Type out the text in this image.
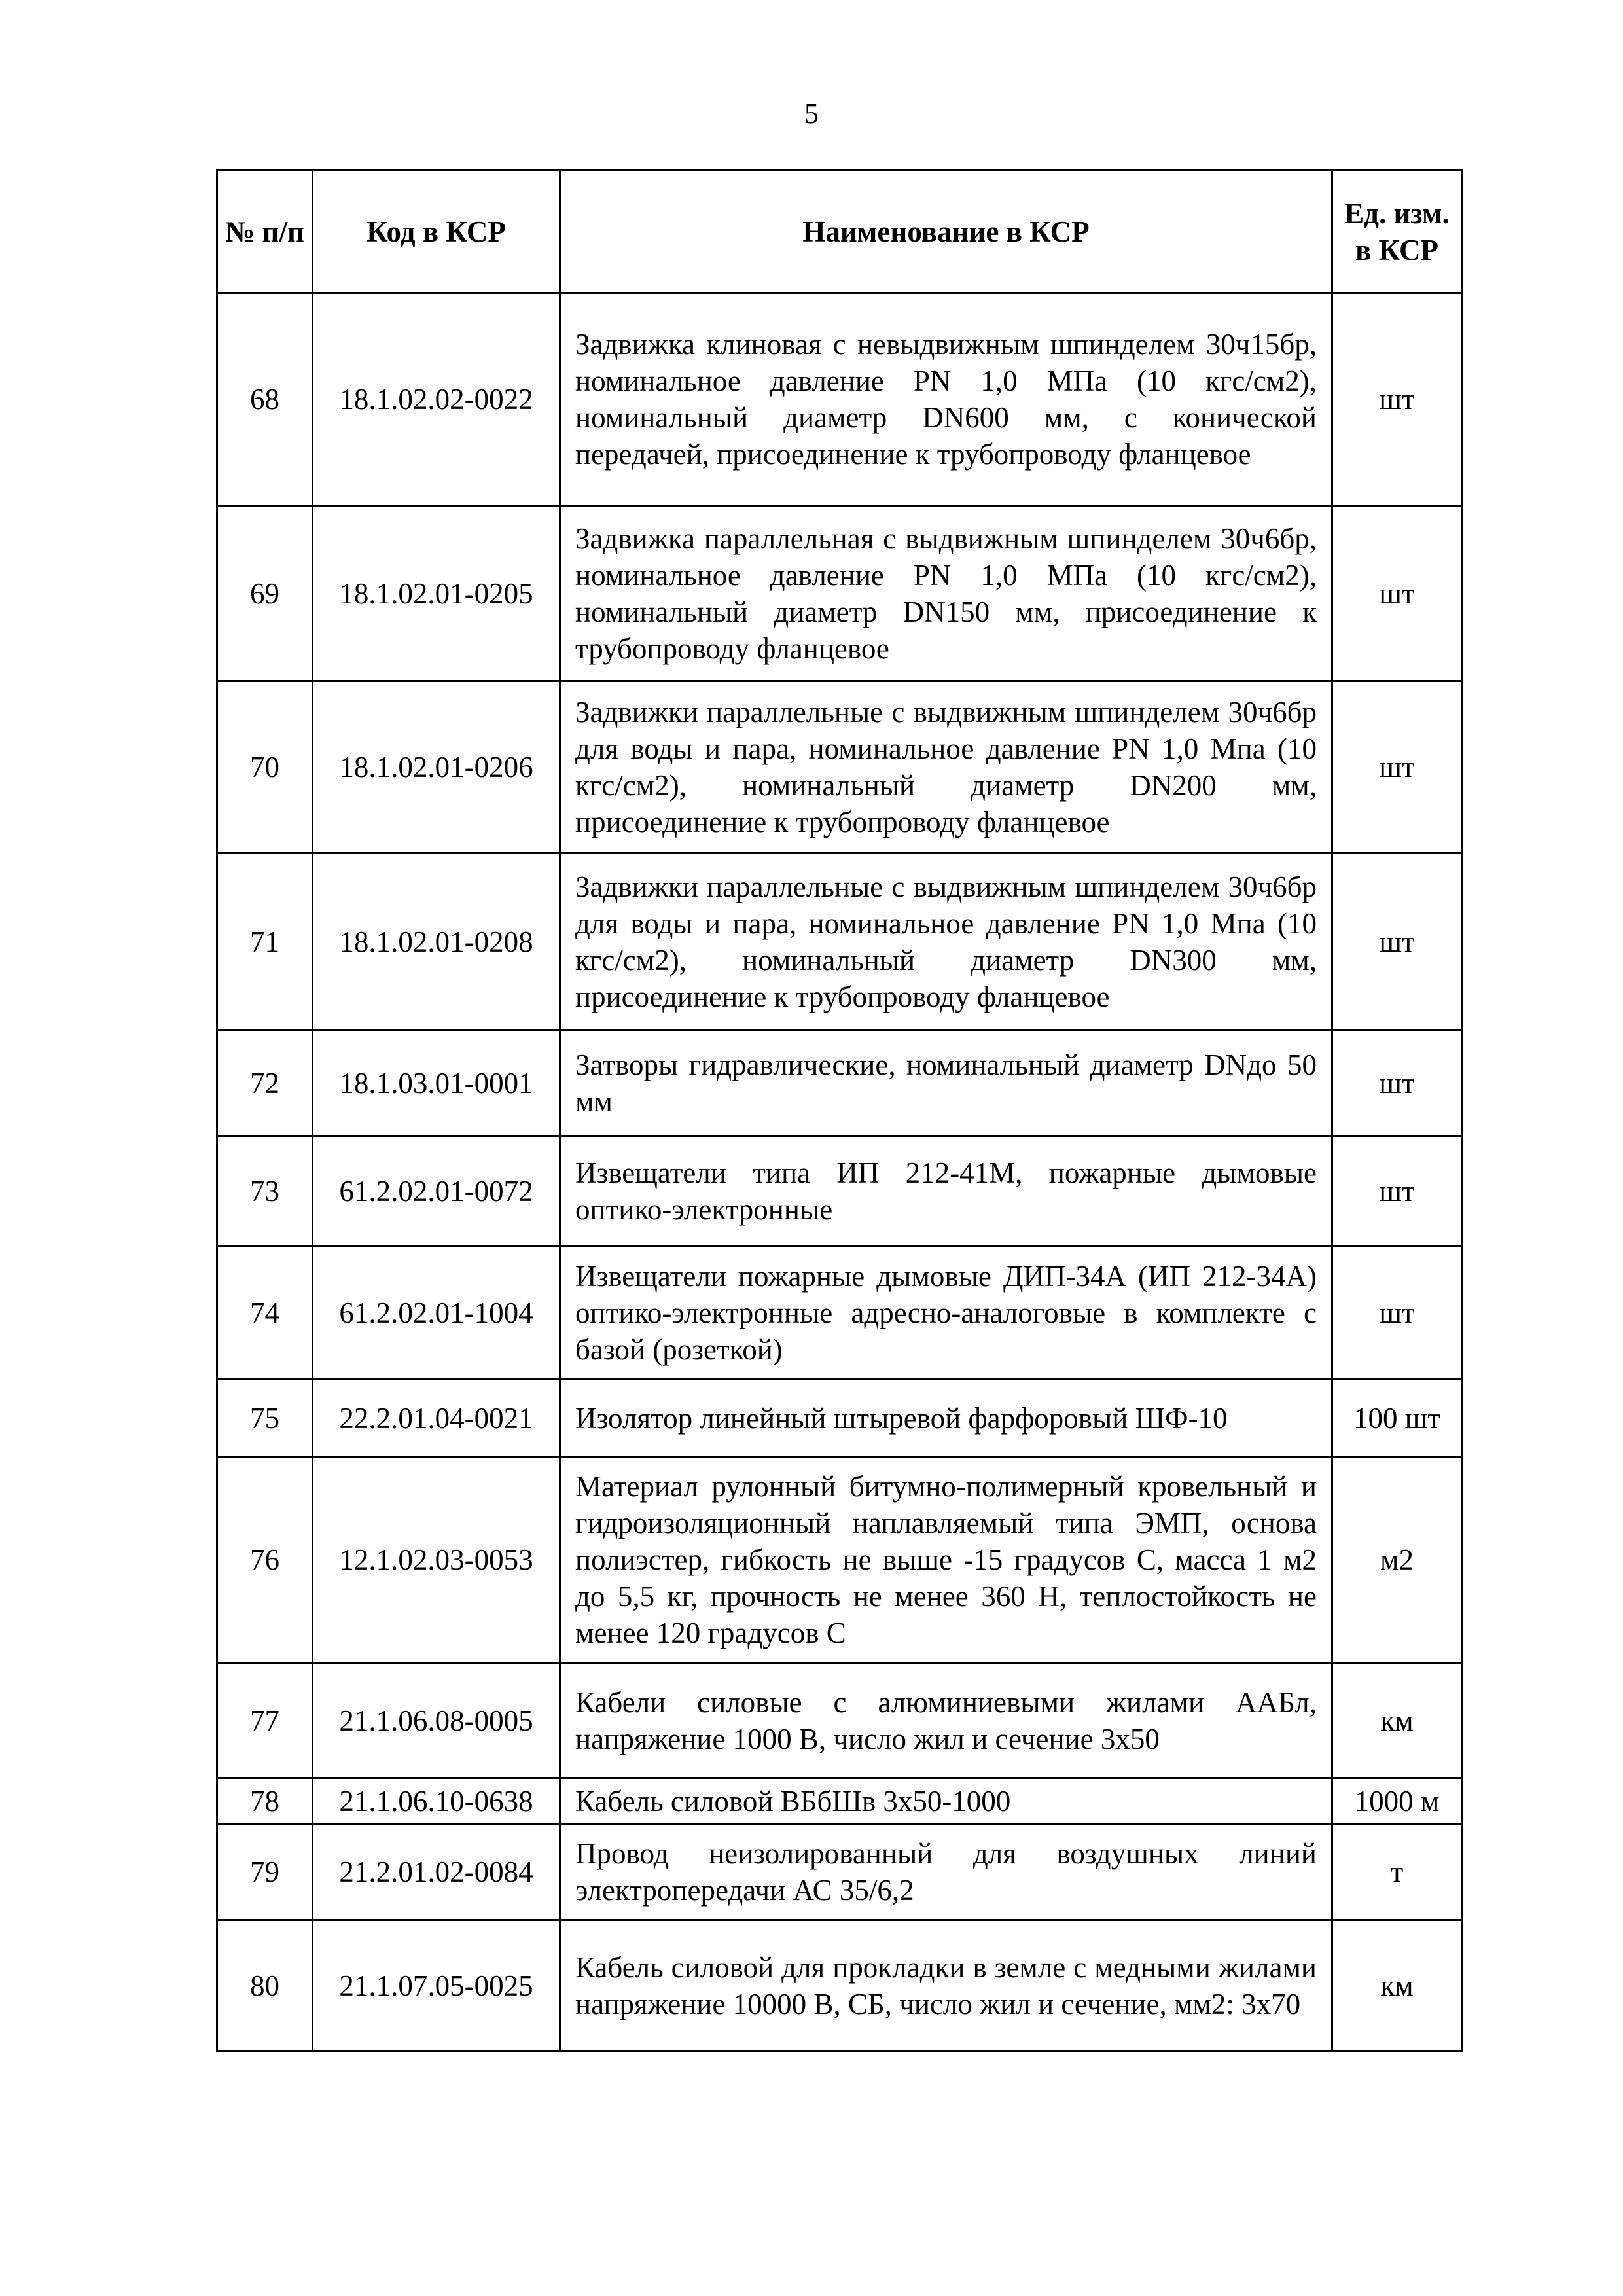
5
№ п/п	Код в КСР	Наименование в КСР	Ед. изм. в КСР
68	18.1.02.02-0022	Задвижка клиновая с невыдвижным шпинделем 30ч15бр, номинальное давление PN 1,0 МПа (10 кгс/см2), номинальный диаметр DN600 мм, с конической передачей, присоединение к трубопроводу фланцевое	шт
69	18.1.02.01-0205	Задвижка параллельная с выдвижным шпинделем 30ч6бр, номинальное давление PN 1,0 МПа (10 кгс/см2), номинальный диаметр DN150 мм, присоединение к трубопроводу фланцевое	шт
70	18.1.02.01-0206	Задвижки параллельные с выдвижным шпинделем 30ч6бр для воды и пара, номинальное давление PN 1,0 Мпа (10 кгс/см2), номинальный диаметр DN200 мм, присоединение к трубопроводу фланцевое	шт
71	18.1.02.01-0208	Задвижки параллельные с выдвижным шпинделем 30ч6бр для воды и пара, номинальное давление PN 1,0 Мпа (10 кгс/см2), номинальный диаметр DN300 мм, присоединение к трубопроводу фланцевое	шт
72	18.1.03.01-0001	Затворы гидравлические, номинальный диаметр DNдо 50 мм	шт
73	61.2.02.01-0072	Извещатели типа ИП 212-41М, пожарные дымовые оптико-электронные	шт
74	61.2.02.01-1004	Извещатели пожарные дымовые ДИП-34А (ИП 212-34А) оптико-электронные адресно-аналоговые в комплекте с базой (розеткой)	шт
75	22.2.01.04-0021	Изолятор линейный штыревой фарфоровый ШФ-10	100 шт
76	12.1.02.03-0053	Материал рулонный битумно-полимерный кровельный и гидроизоляционный наплавляемый типа ЭМП, основа полиэстер, гибкость не выше -15 градусов С, масса 1 м2 до 5,5 кг, прочность не менее 360 Н, теплостойкость не менее 120 градусов С	м2
77	21.1.06.08-0005	Кабели силовые с алюминиевыми жилами ААБл, напряжение 1000 В, число жил и сечение 3х50	км
78	21.1.06.10-0638	Кабель силовой ВБбШв 3х50-1000	1000 м
79	21.2.01.02-0084	Провод неизолированный для воздушных линий электропередачи АС 35/6,2	т
80	21.1.07.05-0025	Кабель силовой для прокладки в земле с медными жилами напряжение 10000 В, СБ, число жил и сечение, мм2: 3х70	км
